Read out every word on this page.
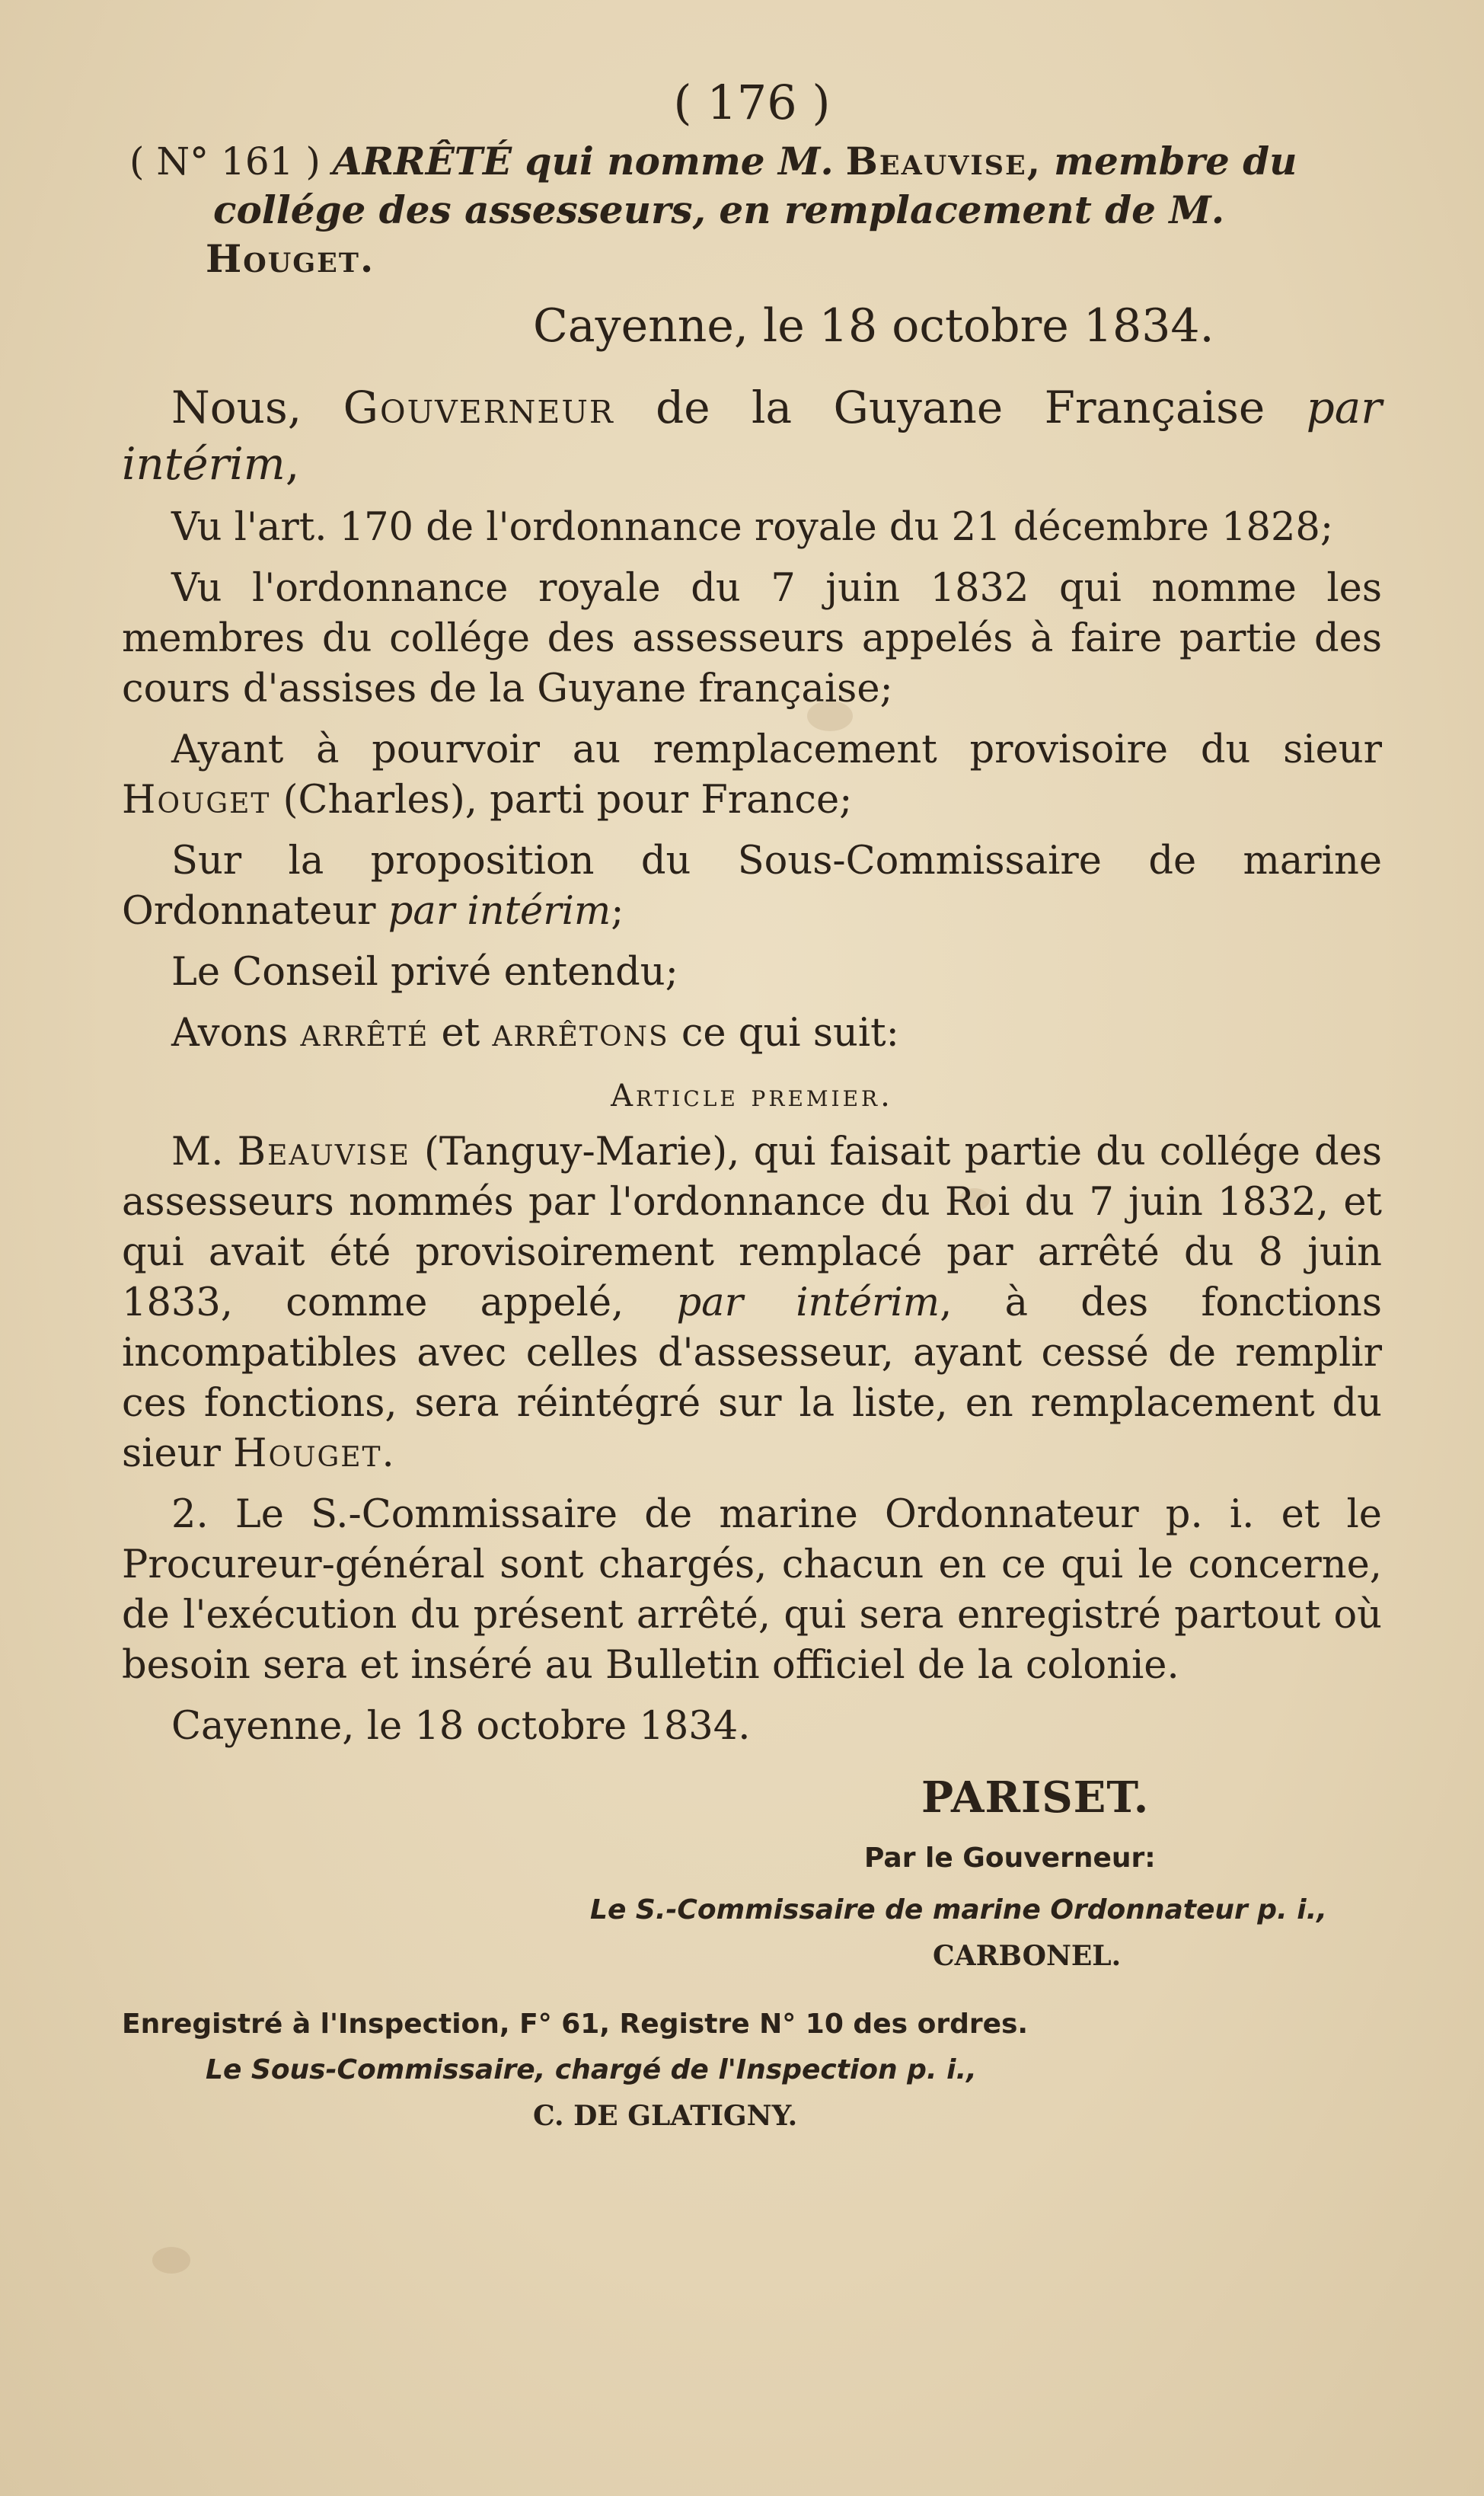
( 176 )
( N° 161 ) ARRÊTÉ qui nomme M. Beauvise, membre du
collége des assesseurs, en remplacement de M. Houget.
Cayenne, le 18 octobre 1834.

Nous, Gouverneur de la Guyane Française par intérim,

Vu l'art. 170 de l'ordonnance royale du 21 décembre 1828;

Vu l'ordonnance royale du 7 juin 1832 qui nomme les membres du collége des assesseurs appelés à faire partie des cours d'assises de la Guyane française;

Ayant à pourvoir au remplacement provisoire du sieur Houget (Charles), parti pour France;

Sur la proposition du Sous-Commissaire de marine Ordonnateur par intérim;

Le Conseil privé entendu;

Avons arrêté et arrêtons ce qui suit:

Article premier.

M. Beauvise (Tanguy-Marie), qui faisait partie du collége des assesseurs nommés par l'ordonnance du Roi du 7 juin 1832, et qui avait été provisoirement remplacé par arrêté du 8 juin 1833, comme appelé, par intérim, à des fonctions incompatibles avec celles d'assesseur, ayant cessé de remplir ces fonctions, sera réintégré sur la liste, en remplacement du sieur Houget.

2. Le S.-Commissaire de marine Ordonnateur p. i. et le Procureur-général sont chargés, chacun en ce qui le concerne, de l'exécution du présent arrêté, qui sera enregistré partout où besoin sera et inséré au Bulletin officiel de la colonie.

Cayenne, le 18 octobre 1834.

PARISET.
Par le Gouverneur:
Le S.-Commissaire de marine Ordonnateur p. i.,
CARBONEL.
Enregistré à l'Inspection, F° 61, Registre N° 10 des ordres.
Le Sous-Commissaire, chargé de l'Inspection p. i.,
C. DE GLATIGNY.
